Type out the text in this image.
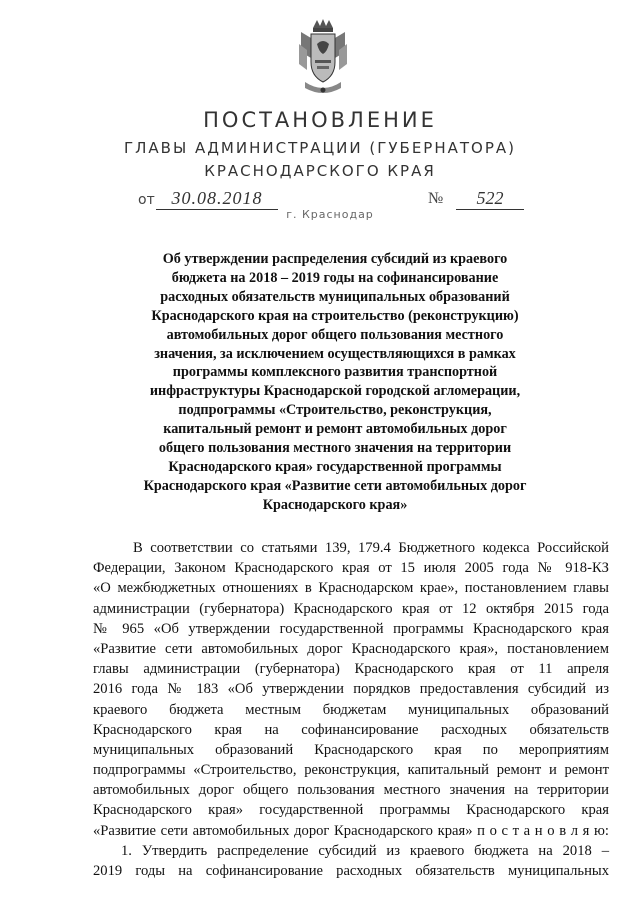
ПОСТАНОВЛЕНИЕ
ГЛАВЫ АДМИНИСТРАЦИИ (ГУБЕРНАТОРА)
КРАСНОДАРСКОГО КРАЯ
от 30.08.2018	№	522
г. Краснодар
Об утверждении распределения субсидий из краевого
бюджета на 2018 – 2019 годы на софинансирование
расходных обязательств муниципальных образований
Краснодарского края на строительство (реконструкцию)
автомобильных дорог общего пользования местного
значения, за исключением осуществляющихся в рамках
программы комплексного развития транспортной
инфраструктуры Краснодарской городской агломерации,
подпрограммы «Строительство, реконструкция,
капитальный ремонт и ремонт автомобильных дорог
общего пользования местного значения на территории
Краснодарского края» государственной программы
Краснодарского края «Развитие сети автомобильных дорог
Краснодарского края»
В соответствии со статьями 139, 179.4 Бюджетного кодекса Российской
Федерации, Законом Краснодарского края от 15 июля 2005 года № 918-КЗ
«О межбюджетных отношениях в Краснодарском крае», постановлением главы
администрации (губернатора) Краснодарского края от 12 октября 2015 года
№ 965 «Об утверждении государственной программы Краснодарского края
«Развитие сети автомобильных дорог Краснодарского края», постановлением
главы администрации (губернатора) Краснодарского края от 11 апреля
2016 года № 183 «Об утверждении порядков предоставления субсидий из
краевого бюджета местным бюджетам муниципальных образований
Краснодарского края на софинансирование расходных обязательств
муниципальных образований Краснодарского края по мероприятиям
подпрограммы «Строительство, реконструкция, капитальный ремонт и ремонт
автомобильных дорог общего пользования местного значения на территории
Краснодарского края» государственной программы Краснодарского края
«Развитие сети автомобильных дорог Краснодарского края» п о с т а н о в л я ю:
1. Утвердить распределение субсидий из краевого бюджета на 2018 –
2019 годы на софинансирование расходных обязательств муниципальных
